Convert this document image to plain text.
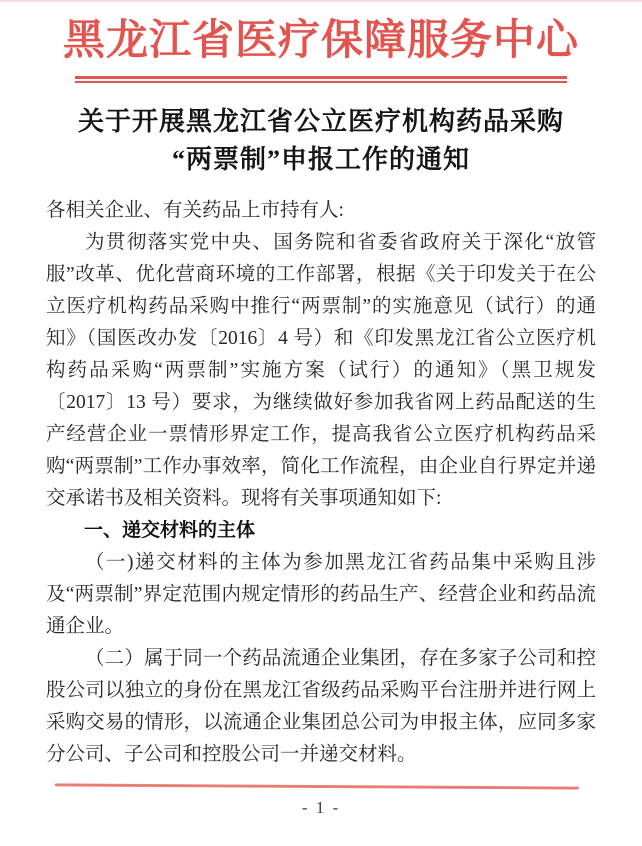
黑龙江省医疗保障服务中心
关于开展黑龙江省公立医疗机构药品采购
“两票制”申报工作的通知

各相关企业、有关药品上市持有人:

为贯彻落实党中央、国务院和省委省政府关于深化“放管服”改革、优化营商环境的工作部署，根据《关于印发关于在公立医疗机构药品采购中推行“两票制”的实施意见（试行）的通知》（国医改办发〔2016〕4 号）和《印发黑龙江省公立医疗机构药品采购“两票制”实施方案（试行）的通知》（黑卫规发〔2017〕13 号）要求，为继续做好参加我省网上药品配送的生产经营企业一票情形界定工作，提高我省公立医疗机构药品采购“两票制”工作办事效率，简化工作流程，由企业自行界定并递交承诺书及相关资料。现将有关事项通知如下:

一、递交材料的主体

（一)递交材料的主体为参加黑龙江省药品集中采购且涉及“两票制”界定范围内规定情形的药品生产、经营企业和药品流通企业。

（二）属于同一个药品流通企业集团，存在多家子公司和控股公司以独立的身份在黑龙江省级药品采购平台注册并进行网上采购交易的情形，以流通企业集团总公司为申报主体，应同多家分公司、子公司和控股公司一并递交材料。

- 1 -
